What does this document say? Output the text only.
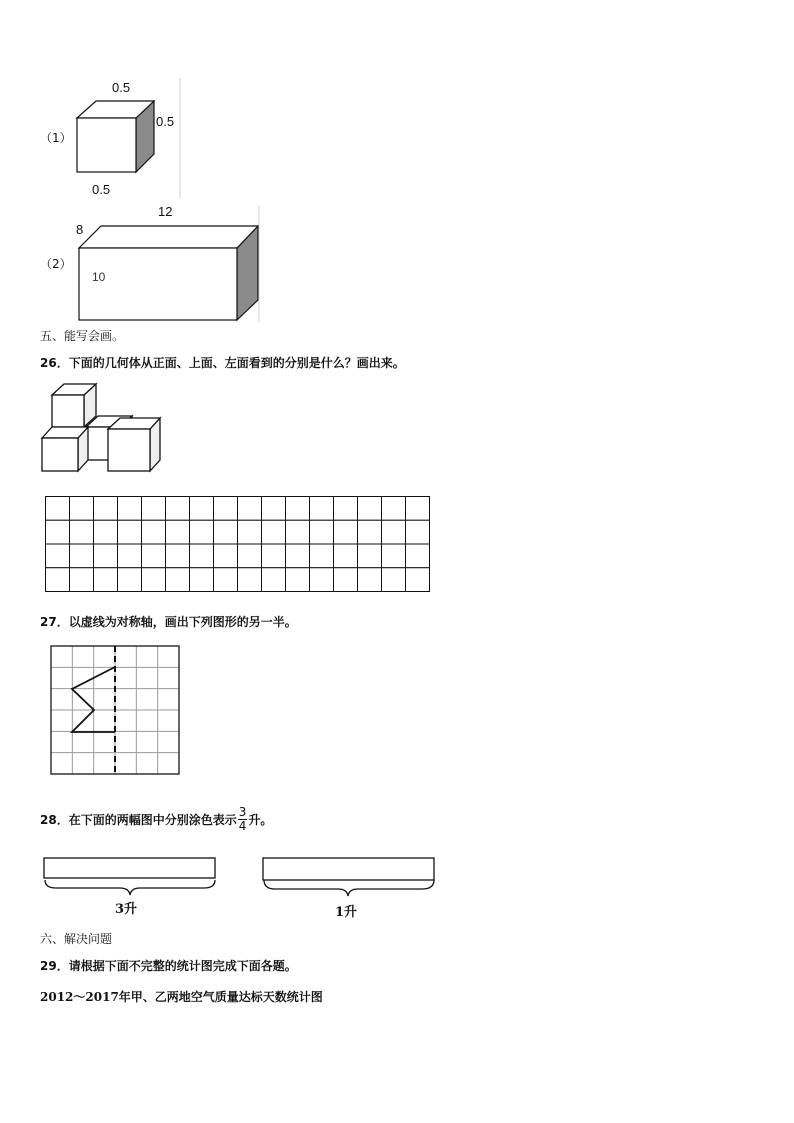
（1）
0.5
0.5
0.5
（2）
12
8
10
五、能写会画。
26．下面的几何体从正面、上面、左面看到的分别是什么？画出来。
27．以虚线为对称轴，画出下列图形的另一半。
28．在下面的两幅图中分别涂色表示 $\frac{3}{4}$ 升。
3升	1升
六、解决问题
29．请根据下面不完整的统计图完成下面各题。
2012～2017年甲、乙两地空气质量达标天数统计图
